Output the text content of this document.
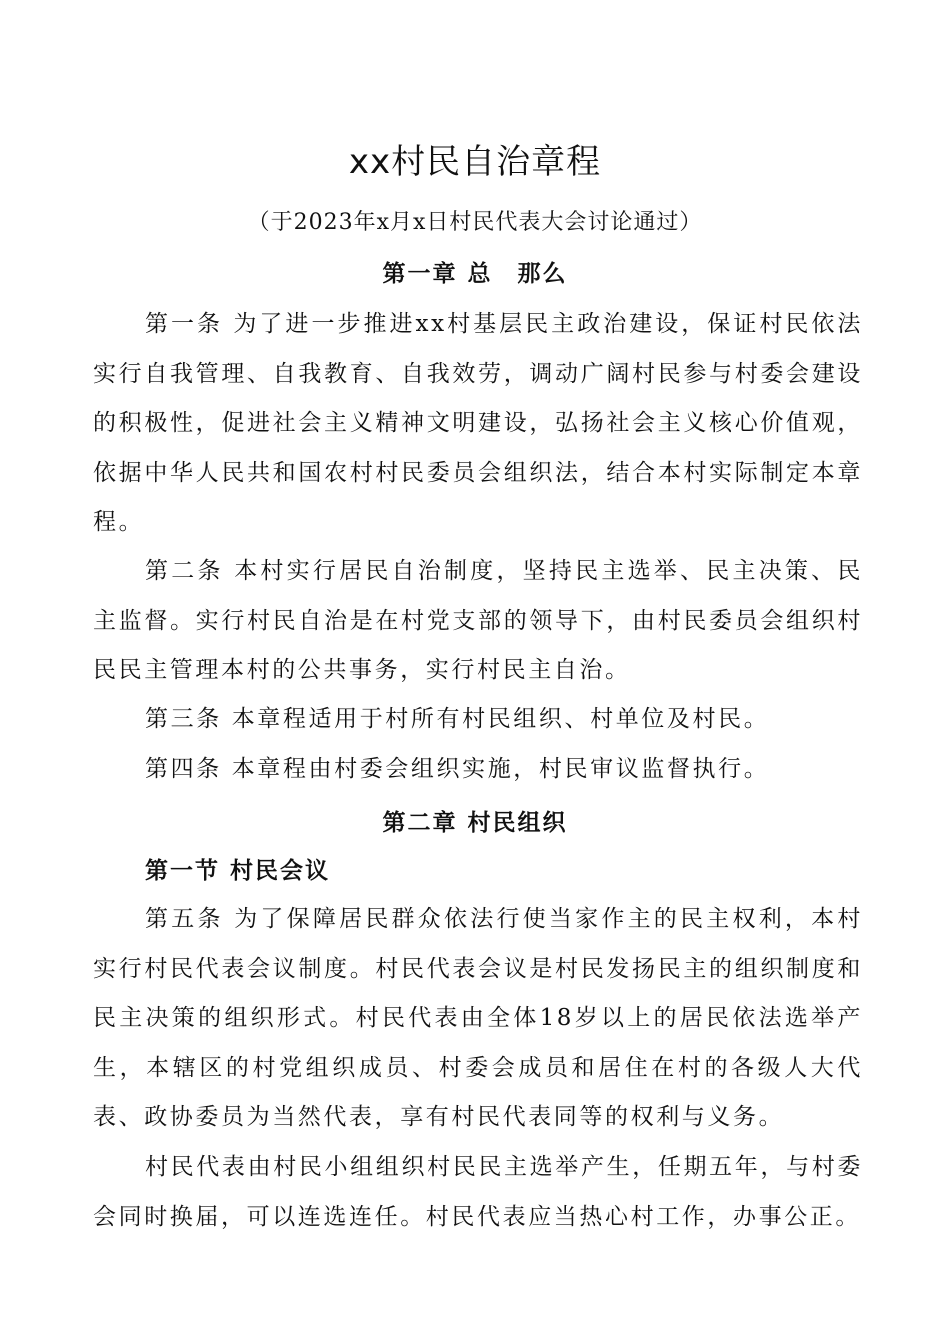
xx村民自治章程
（于2023年x月x日村民代表大会讨论通过）
第一章 总　那么

第一条 为了进一步推进xx村基层民主政治建设，保证村民依法实行自我管理、自我教育、自我效劳，调动广阔村民参与村委会建设的积极性，促进社会主义精神文明建设，弘扬社会主义核心价值观，依据中华人民共和国农村村民委员会组织法，结合本村实际制定本章程。

第二条 本村实行居民自治制度，坚持民主选举、民主决策、民主监督。实行村民自治是在村党支部的领导下，由村民委员会组织村民民主管理本村的公共事务，实行村民主自治。

第三条 本章程适用于村所有村民组织、村单位及村民。

第四条 本章程由村委会组织实施，村民审议监督执行。

第二章 村民组织
第一节 村民会议

第五条 为了保障居民群众依法行使当家作主的民主权利，本村实行村民代表会议制度。村民代表会议是村民发扬民主的组织制度和民主决策的组织形式。村民代表由全体18岁以上的居民依法选举产生，本辖区的村党组织成员、村委会成员和居住在村的各级人大代表、政协委员为当然代表，享有村民代表同等的权利与义务。

村民代表由村民小组组织村民民主选举产生，任期五年，与村委会同时换届，可以连选连任。村民代表应当热心村工作，办事公正。
